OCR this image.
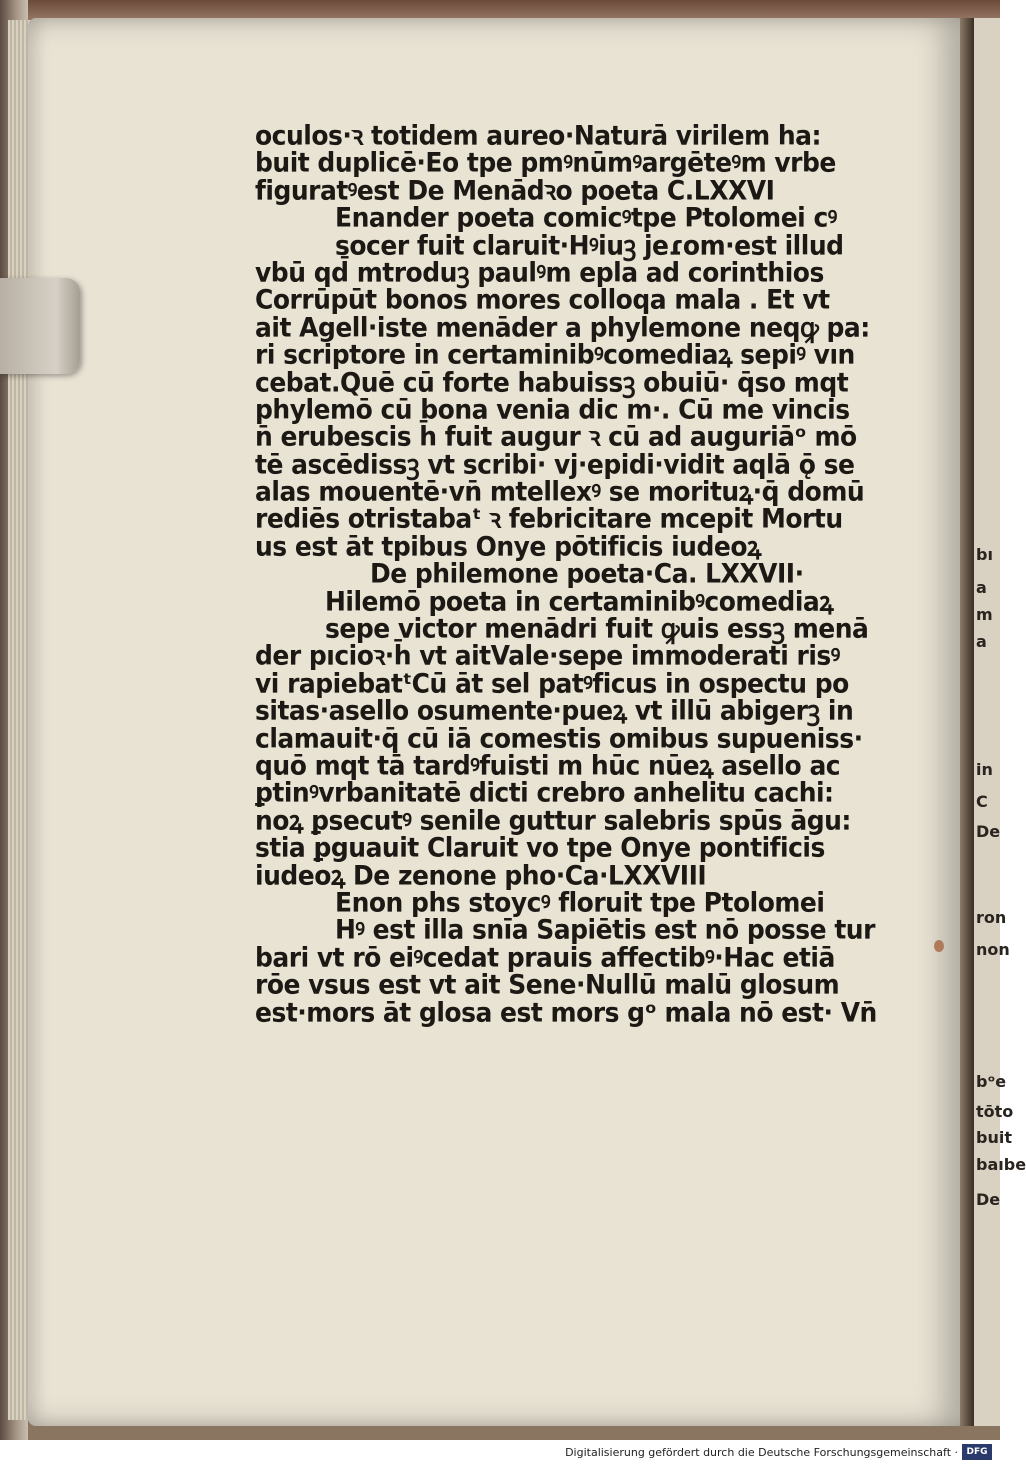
bı
a
m
a
in
C
De
ron
non
bᵒe
tōto
buit
baıbe
De
oculos·ꝛ totidem aureo·Naturā virilem ha:
buit duplicē·Eo tpe pmꝰnūmꝰargēteꝰm vrbe
figuratꝰest De Menādꝛo poeta C.LXXVI
Enander poeta comicꝰtpe Ptolomei cꝰ
socer fuit claruit·Hꝰiuꝫ jeɾom·est illud
vbū qd̄ mtroduꝫ paulꝰm epla ad corinthios
Corrūpūt bonos mores colloqa mala . Et vt
ait Agell·iste menāder a phylemone neqꝙ pa:
ri scriptore in certaminibꝰcomediaꝝ sepiꝰ vın
cebat.Quē cū forte habuissꝫ obuiū· q̄so mqt
phylemō cū bona venia dic m·. Cū me vincis
n̄ erubescis h̄ fuit augur ꝛ cū ad auguriāᵒ mō
tē ascēdissꝫ vt scribi· vj·epidi·vidit aqlā ǭ se
alas mouentē·vn̄ mtellexꝰ se morituꝝ·q̄ domū
rediēs otristabaᵗ ꝛ febricitare mcepit Mortu
us est āt tpibus Onye pōtificis iudeoꝝ
De philemone poeta·Ca. LXXVII·
Hilemō poeta in certaminibꝰcomediaꝝ
sepe victor menādri fuit ꝙuis essꝫ menā
der pıcioꝛ·h̄ vt aitVale·sepe immoderati risꝰ
vi rapiebatᵗCū āt sel patꝰficus in ospectu po
sitas·asello osumente·pueꝝ vt illū abigerꝫ in
clamauit·q̄ cū iā comestis omibus supueniss·
quō mqt tā tardꝰfuisti m hūc nūeꝝ asello ac
ꝑtinꝰvrbanitatē dicti crebro anhelitu cachi:
noꝝ ꝑsecutꝰ senile guttur salebris spūs āgu:
stia ꝑguauit Claruit vo tpe Onye pontificis
iudeoꝝ De zenone pho·Ca·LXXVIII
Enon phs stoycꝰ floruit tpe Ptolomei
Hꝰ est illa snīa Sapiētis est nō posse tur
bari vt rō eiꝰcedat prauis affectibꝰ·Hac etiā
rōe vsus est vt ait Sene·Nullū malū glosum
est·mors āt glosa est mors gᵒ mala nō est· Vn̄
Digitalisierung gefördert durch die Deutsche Forschungsgemeinschaft · DFG
